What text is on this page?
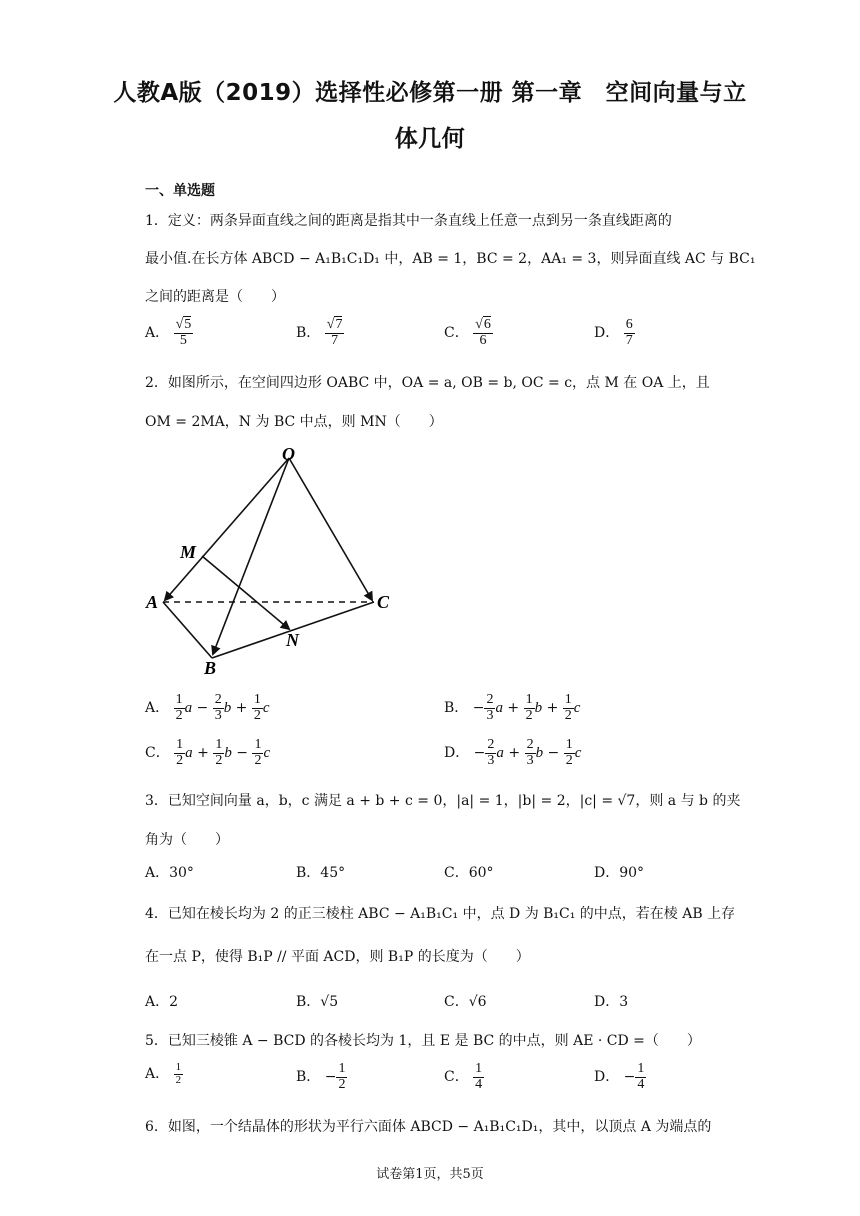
人教A版（2019）选择性必修第一册 第一章　空间向量与立
体几何
一、单选题
1．定义：两条异面直线之间的距离是指其中一条直线上任意一点到另一条直线距离的
最小值.在长方体 ABCD − A₁B₁C₁D₁ 中，AB = 1，BC = 2，AA₁ = 3，则异面直线 AC 与 BC₁
之间的距离是（　　）
A． $\frac{√5}{5}$	B． $\frac{√7}{7}$	C． $\frac{√6}{6}$	D． $\frac{6}{7}$
2．如图所示，在空间四边形 OABC 中，OA = a, OB = b, OC = c，点 M 在 OA 上，且
OM = 2MA，N 为 BC 中点，则 MN（　　）
O
M
A	C
N
B
A． $\frac{1}{2}$ $a - \frac{2}{3}$ $b + \frac{1}{2}$ c	B． − $\frac{2}{3}$ $a + \frac{1}{2}$ $b + \frac{1}{2}$ c
C． $\frac{1}{2}$ $a + \frac{1}{2}$ $b - \frac{1}{2}$ c	D． − $\frac{2}{3}$ $a + \frac{2}{3}$ $b - \frac{1}{2}$ c
3．已知空间向量 a，b，c 满足 a + b + c = 0，|a| = 1，|b| = 2，|c| = √7，则 a 与 b 的夹
角为（　　）
A．30°	B．45°	C．60°	D．90°
4．已知在棱长均为 2 的正三棱柱 ABC − A₁B₁C₁ 中，点 D 为 B₁C₁ 的中点，若在棱 AB 上存
在一点 P，使得 B₁P // 平面 ACD，则 B₁P 的长度为（　　）
A．2	B．√5	C．√6	D．3
5．已知三棱锥 A − BCD 的各棱长均为 1，且 E 是 BC 的中点，则 AE · CD =（　　）
A． $\frac{1}{2}$	B． − $\frac{1}{2}$	C． $\frac{1}{4}$	D． − $\frac{1}{4}$
6．如图，一个结晶体的形状为平行六面体 ABCD − A₁B₁C₁D₁，其中，以顶点 A 为端点的
试卷第1页，共5页
